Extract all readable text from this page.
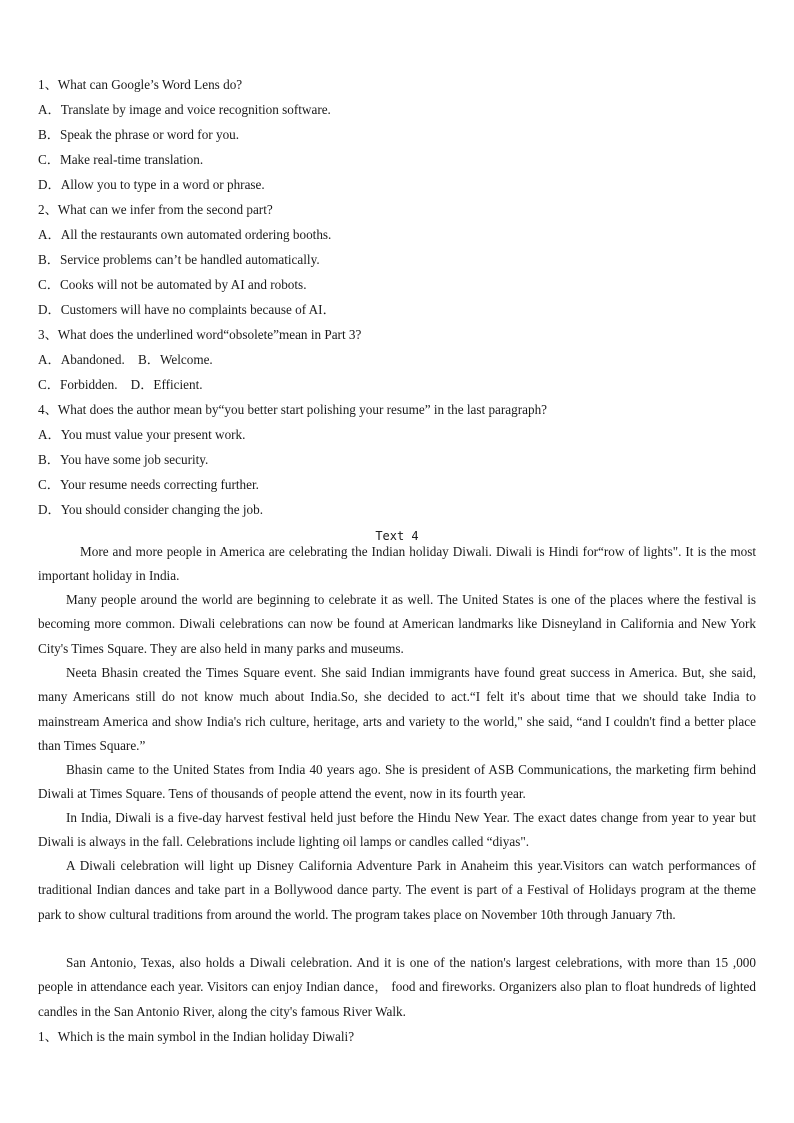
1、What can Google’s Word Lens do?
A．Translate by image and voice recognition software.
B．Speak the phrase or word for you.
C．Make real-time translation.
D．Allow you to type in a word or phrase.
2、What can we infer from the second part?
A．All the restaurants own automated ordering booths.
B．Service problems can’t be handled automatically.
C．Cooks will not be automated by AI and robots.
D．Customers will have no complaints because of AI．
3、What does the underlined word“obsolete”mean in Part 3?
A．Abandoned.    B．Welcome.
C．Forbidden.    D．Efficient.
4、What does the author mean by“you better start polishing your resume” in the last paragraph?
A．You must value your present work.
B．You have some job security.
C．Your resume needs correcting further.
D．You should consider changing the job.
Text 4

More and more people in America are celebrating the Indian holiday Diwali. Diwali is Hindi for“row of lights". It is the most important holiday in India.

Many people around the world are beginning to celebrate it as well. The United States is one of the places where the festival is becoming more common. Diwali celebrations can now be found at American landmarks like Disneyland in California and New York City's Times Square. They are also held in many parks and museums.

Neeta Bhasin created the Times Square event. She said Indian immigrants have found great success in America. But, she said, many Americans still do not know much about India.So, she decided to act.“I felt it's about time that we should take India to mainstream America and show India's rich culture, heritage, arts and variety to the world," she said, “and I couldn't find a better place than Times Square.”

Bhasin came to the United States from India 40 years ago. She is president of ASB Communications, the marketing firm behind Diwali at Times Square. Tens of thousands of people attend the event, now in its fourth year.

In India, Diwali is a five-day harvest festival held just before the Hindu New Year. The exact dates change from year to year but Diwali is always in the fall. Celebrations include lighting oil lamps or candles called “diyas".

A Diwali celebration will light up Disney California Adventure Park in Anaheim this year.Visitors can watch performances of traditional Indian dances and take part in a Bollywood dance party. The event is part of a Festival of Holidays program at the theme park to show cultural traditions from around the world. The program takes place on November 10th through January 7th.

San Antonio, Texas, also holds a Diwali celebration. And it is one of the nation's largest celebrations, with more than 15 ,000 people in attendance each year. Visitors can enjoy Indian dance， food and fireworks. Organizers also plan to float hundreds of lighted candles in the San Antonio River, along the city's famous River Walk.

1、Which is the main symbol in the Indian holiday Diwali?
